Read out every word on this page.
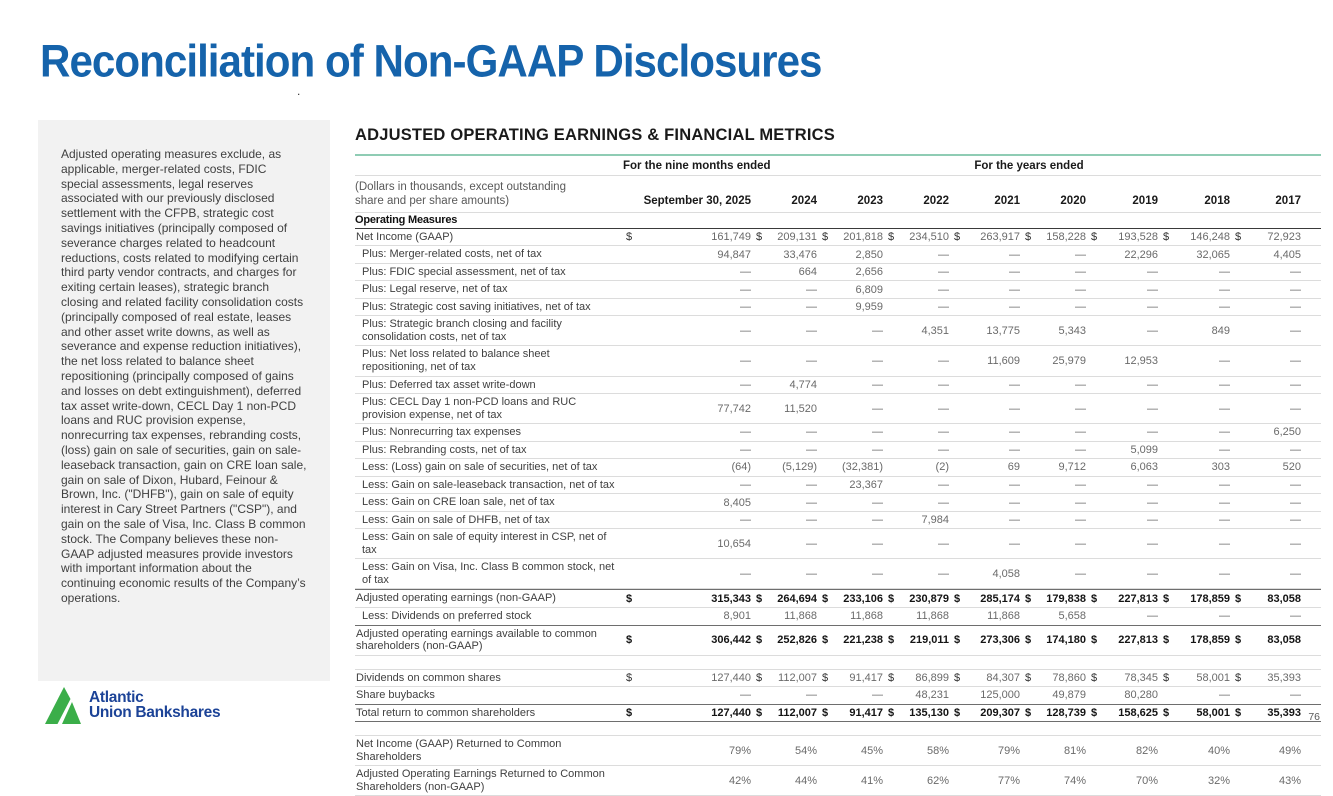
Reconciliation of Non-GAAP Disclosures
.

Adjusted operating measures exclude, as applicable, merger-related costs, FDIC special assessments, legal reserves associated with our previously disclosed settlement with the CFPB, strategic cost savings initiatives (principally composed of severance charges related to headcount reductions, costs related to modifying certain third party vendor contracts, and charges for exiting certain leases), strategic branch closing and related facility consolidation costs (principally composed of real estate, leases and other asset write downs, as well as severance and expense reduction initiatives), the net loss related to balance sheet repositioning (principally composed of gains and losses on debt extinguishment), deferred tax asset write-down, CECL Day 1 non-PCD loans and RUC provision expense, nonrecurring tax expenses, rebranding costs, (loss) gain on sale of securities, gain on sale-leaseback transaction, gain on CRE loan sale, gain on sale of Dixon, Hubard, Feinour & Brown, Inc. ("DHFB"), gain on sale of equity interest in Cary Street Partners ("CSP"), and gain on the sale of Visa, Inc. Class B common stock. The Company believes these non-GAAP adjusted measures provide investors with important information about the continuing economic results of the Company’s operations.

ADJUSTED OPERATING EARNINGS & FINANCIAL METRICS
For the nine months ended	For the years ended
(Dollars in thousands, except outstanding share and per share amounts)	September 30, 2025	2024	2023	2022	2021	2020	2019	2018	2017
Operating Measures
Net Income (GAAP)	$	161,749 $ 209,131 $ 201,818 $ 234,510 $ 263,917 $ 158,228 $ 193,528 $ 146,248 $ 72,923
Plus: Merger-related costs, net of tax	94,847	33,476	2,850	—	—	—	22,296	32,065	4,405
Plus: FDIC special assessment, net of tax	—	664	2,656	—	—	—	—	—	—
Plus: Legal reserve, net of tax	—	—	6,809	—	—	—	—	—	—
Plus: Strategic cost saving initiatives, net of tax	—	—	9,959	—	—	—	—	—	—
Plus: Strategic branch closing and facility consolidation costs, net of tax	—	—	—	4,351	13,775	5,343	—	849	—
Plus: Net loss related to balance sheet repositioning, net of tax	—	—	—	—	11,609	25,979	12,953	—	—
Plus: Deferred tax asset write-down	—	4,774	—	—	—	—	—	—	—
Plus: CECL Day 1 non-PCD loans and RUC provision expense, net of tax	77,742	11,520	—	—	—	—	—	—	—
Plus: Nonrecurring tax expenses	—	—	—	—	—	—	—	—	6,250
Plus: Rebranding costs, net of tax	—	—	—	—	—	—	5,099	—	—
Less: (Loss) gain on sale of securities, net of tax	(64)	(5,129) (32,381)	(2)	69	9,712	6,063	303	520
Less: Gain on sale-leaseback transaction, net of tax	—	—	23,367	—	—	—	—	—	—
Less: Gain on CRE loan sale, net of tax	8,405	—	—	—	—	—	—	—	—
Less: Gain on sale of DHFB, net of tax	—	—	—	7,984	—	—	—	—	—
Less: Gain on sale of equity interest in CSP, net of tax	10,654	—	—	—	—	—	—	—	—
Less: Gain on Visa, Inc. Class B common stock, net of tax	—	—	—	—	4,058	—	—	—	—
Adjusted operating earnings (non-GAAP)	$	315,343 $ 264,694 $ 233,106 $ 230,879 $ 285,174 $ 179,838 $ 227,813 $ 178,859 $ 83,058
Less: Dividends on preferred stock	8,901	11,868	11,868	11,868	11,868	5,658	—	—	—
Adjusted operating earnings available to common shareholders (non-GAAP)	$	306,442 $ 252,826 $ 221,238 $ 219,011 $ 273,306 $ 174,180 $ 227,813 $ 178,859 $ 83,058
Dividends on common shares	$	127,440 $ 112,007 $ 91,417 $ 86,899 $ 84,307 $ 78,860 $ 78,345 $ 58,001 $ 35,393
Share buybacks	—	—	—	48,231	125,000	49,879	80,280	—	—
Total return to common shareholders	$	127,440 $ 112,007 $ 91,417 $ 135,130 $ 209,307 $ 128,739 $ 158,625 $ 58,001 $ 35,393
Net Income (GAAP) Returned to Common Shareholders	79%	54%	45%	58%	79%	81%	82%	40%	49%
Adjusted Operating Earnings Returned to Common Shareholders (non-GAAP)	42%	44%	41%	62%	77%	74%	70%	32%	43%
Atlantic
Union Bankshares	76
